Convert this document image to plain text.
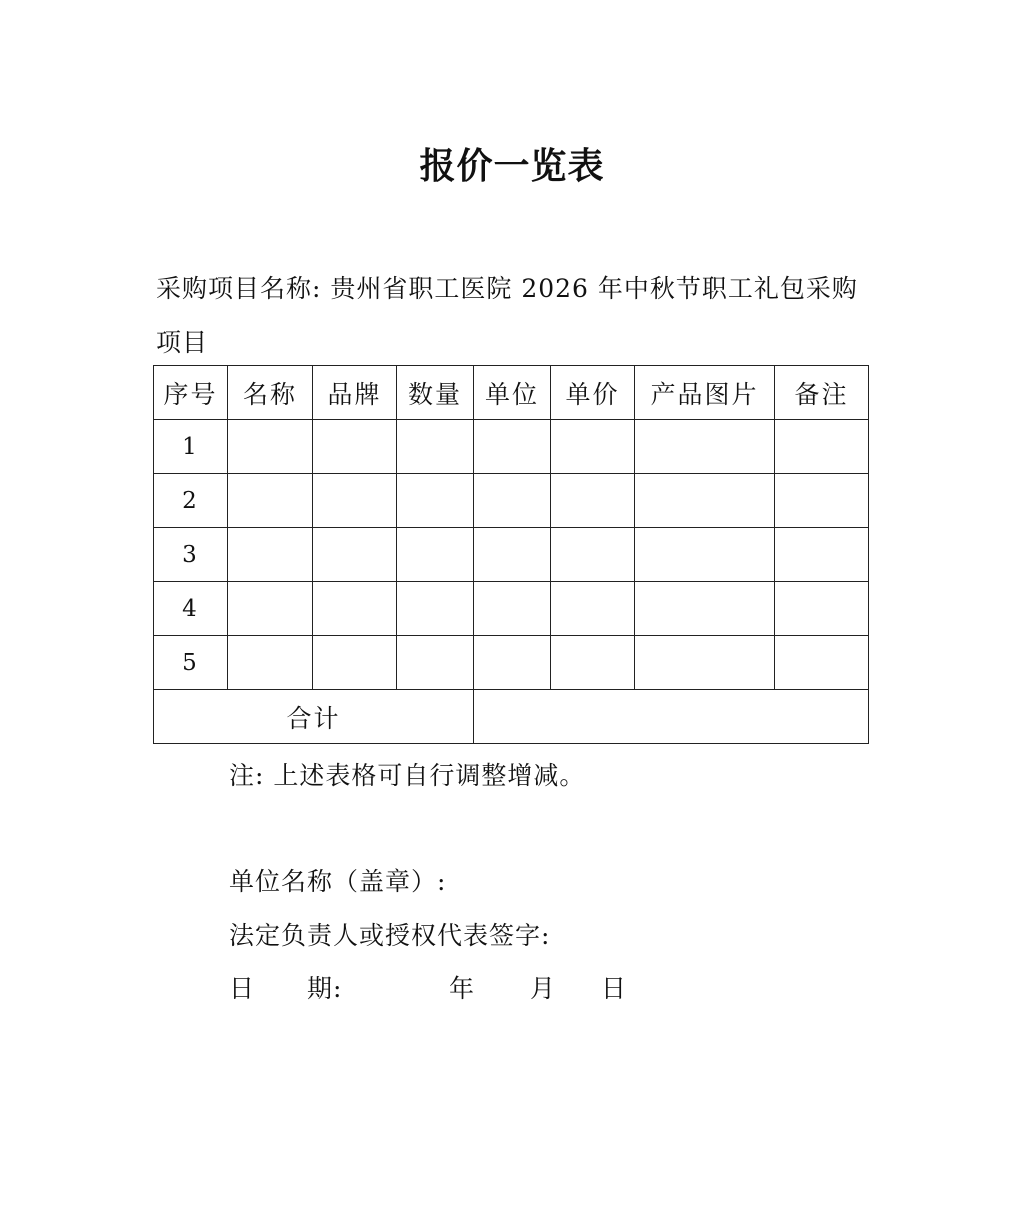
报价一览表
采购项目名称: 贵州省职工医院 2026 年中秋节职工礼包采购项目
序号	名称	品牌	数量	单位	单价	产品图片	备注
1							
2							
3							
4							
5							
合计							
注: 上述表格可自行调整增减。
单位名称（盖章）:
法定负责人或授权代表签字:
日　　期:	年 月 日
